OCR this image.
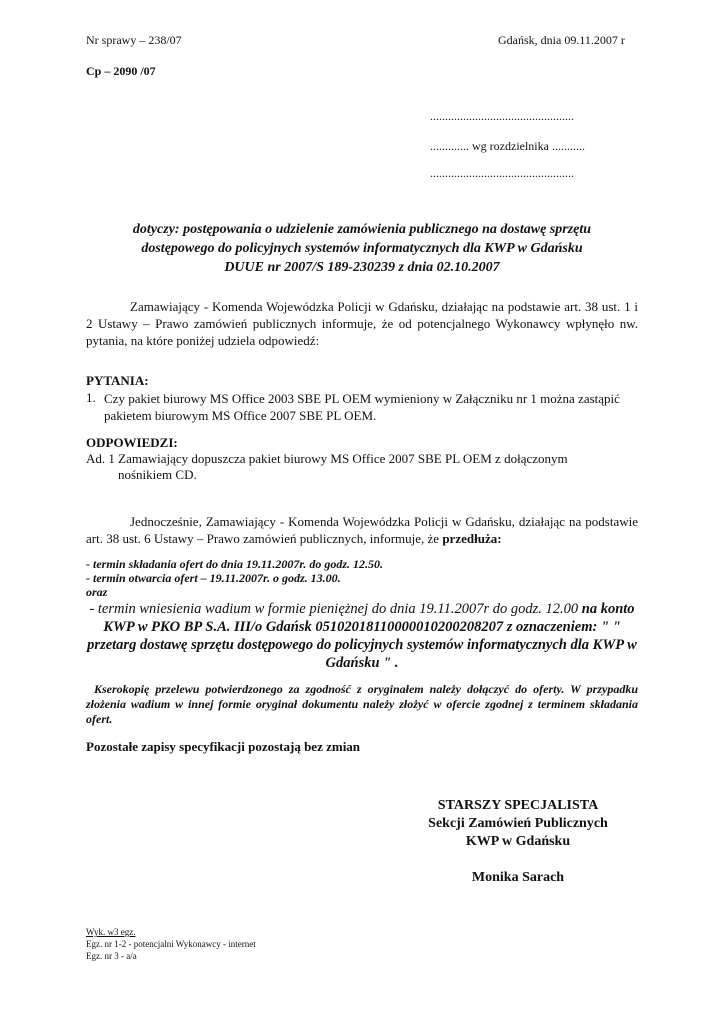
Nr sprawy – 238/07	Gdańsk, dnia 09.11.2007 r
Cp – 2090 /07
................................................
............. wg rozdzielnika ...........
................................................
dotyczy: postępowania o udzielenie zamówienia publicznego na dostawę sprzętu
dostępowego do policyjnych systemów informatycznych dla KWP w Gdańsku
DUUE nr 2007/S 189-230239 z dnia 02.10.2007

Zamawiający - Komenda Wojewódzka Policji w Gdańsku, działając na podstawie art. 38 ust. 1 i 2 Ustawy – Prawo zamówień publicznych informuje, że od potencjalnego Wykonawcy wpłynęło nw. pytania, na które poniżej udziela odpowiedź:

PYTANIA:
1. Czy pakiet biurowy MS Office 2003 SBE PL OEM wymieniony w Załączniku nr 1 można zastąpić pakietem biurowym MS Office 2007 SBE PL OEM.

ODPOWIEDZI:
Ad. 1 Zamawiający dopuszcza pakiet biurowy MS Office 2007 SBE PL OEM z dołączonym
nośnikiem CD.

Jednocześnie, Zamawiający - Komenda Wojewódzka Policji w Gdańsku, działając na podstawie art. 38 ust. 6 Ustawy – Prawo zamówień publicznych, informuje, że przedłuża:

- termin składania ofert do dnia 19.11.2007r. do godz. 12.50.
- termin otwarcia ofert – 19.11.2007r. o godz. 13.00.
oraz

- termin wniesienia wadium w formie pieniężnej do dnia 19.11.2007r do godz. 12.00 na konto KWP w PKO BP S.A. III/o Gdańsk 05102018110000010200208207 z oznaczeniem: " " przetarg dostawę sprzętu dostępowego do policyjnych systemów informatycznych dla KWP w Gdańsku " .

Kserokopię przelewu potwierdzonego za zgodność z oryginałem należy dołączyć do oferty. W przypadku złożenia wadium w innej formie oryginał dokumentu należy złożyć w ofercie zgodnej z terminem składania ofert.

Pozostałe zapisy specyfikacji pozostają bez zmian
STARSZY SPECJALISTA
Sekcji Zamówień Publicznych
KWP w Gdańsku
Monika Sarach
Wyk. w3 egz.
Egz. nr 1-2 - potencjalni Wykonawcy - internet
Egz. nr 3 - a/a
